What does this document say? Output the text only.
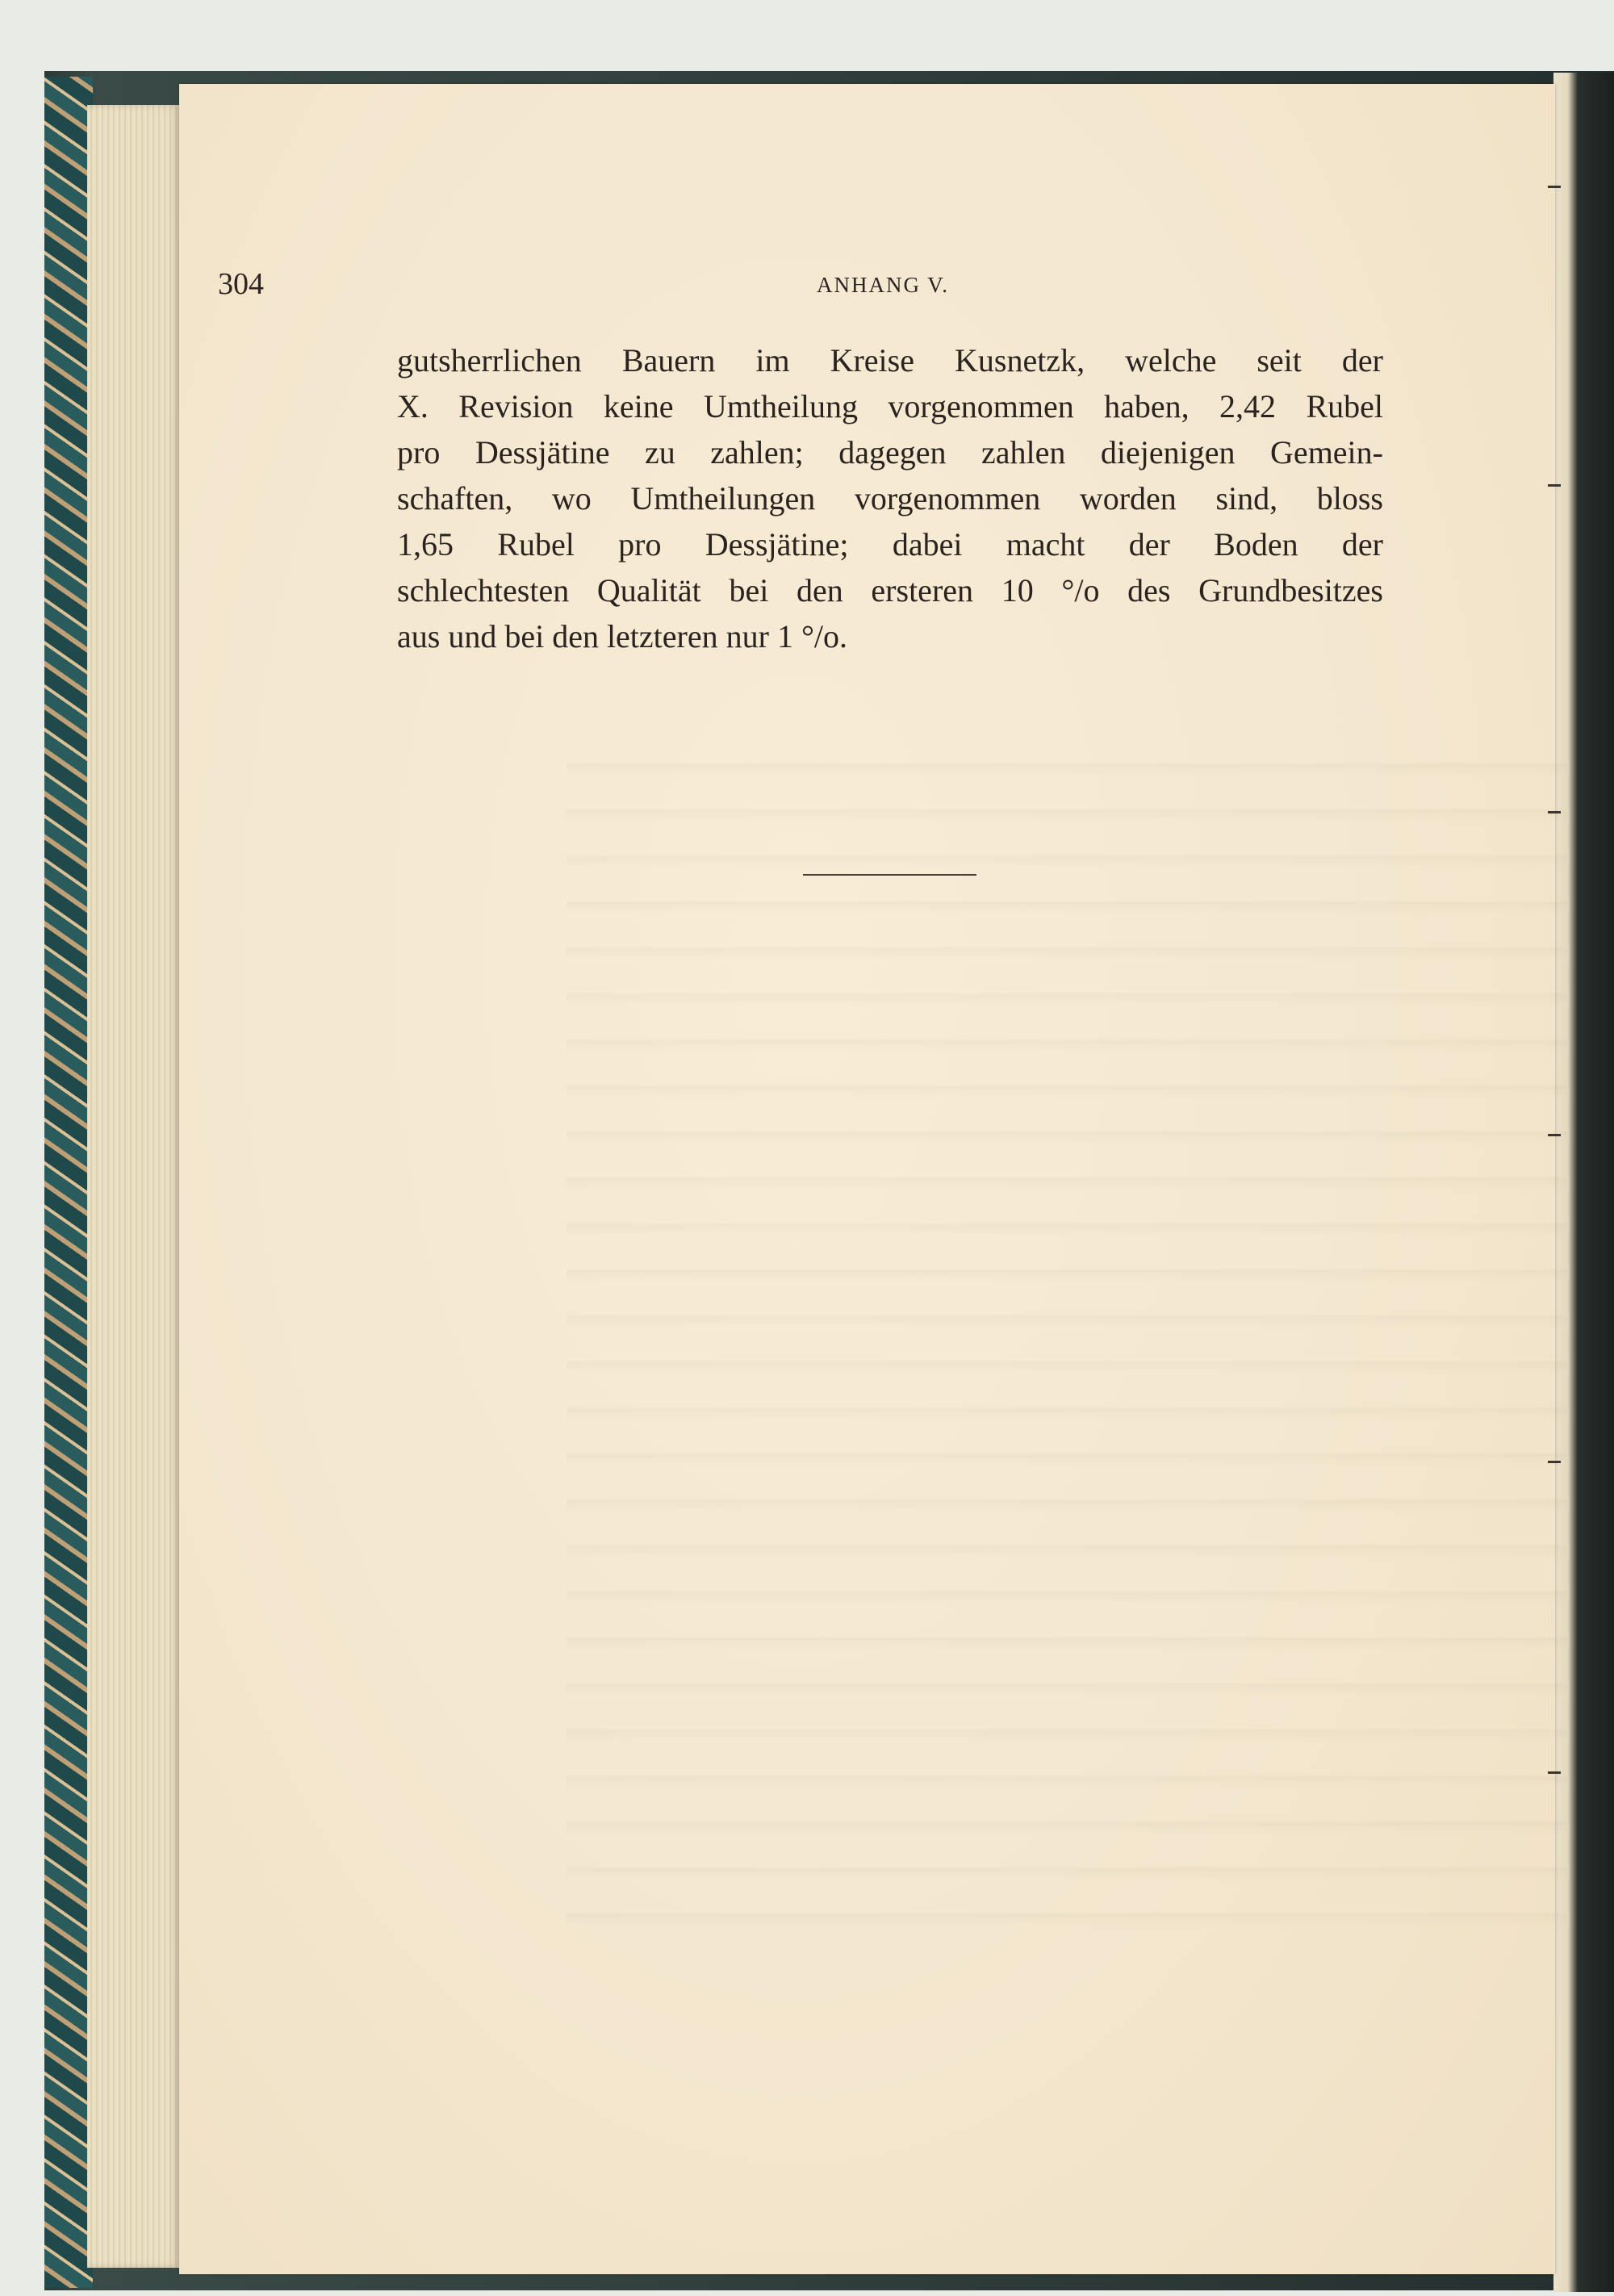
304	ANHANG V.
gutsherrlichen Bauern im Kreise Kusnetzk, welche seit der
X. Revision keine Umtheilung vorgenommen haben, 2,42 Rubel
pro Dessjätine zu zahlen; dagegen zahlen diejenigen Gemein-
schaften, wo Umtheilungen vorgenommen worden sind, bloss
1,65 Rubel pro Dessjätine; dabei macht der Boden der
schlechtesten Qualität bei den ersteren 10 °/o des Grundbesitzes
aus und bei den letzteren nur 1 °/o.
